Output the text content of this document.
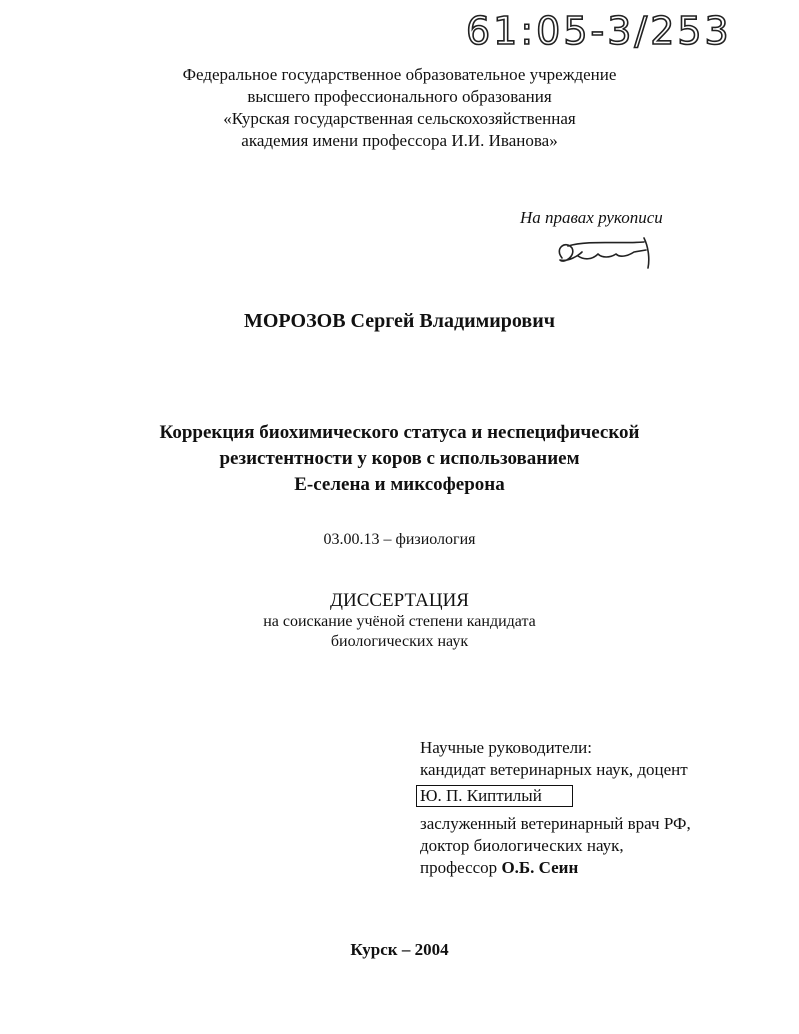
61:05-3/253
Федеральное государственное образовательное учреждение
высшего профессионального образования
«Курская государственная сельскохозяйственная
академия имени профессора И.И. Иванова»
На правах рукописи
МОРОЗОВ Сергей Владимирович
Коррекция биохимического статуса и неспецифической
резистентности у коров с использованием
Е-селена и миксоферона
03.00.13 – физиология
ДИССЕРТАЦИЯ
на соискание учёной степени кандидата
биологических наук
Научные руководители:
кандидат ветеринарных наук, доцент
Ю. П. Киптилый
заслуженный ветеринарный врач РФ,
доктор биологических наук,
профессор О.Б. Сеин
Курск – 2004
